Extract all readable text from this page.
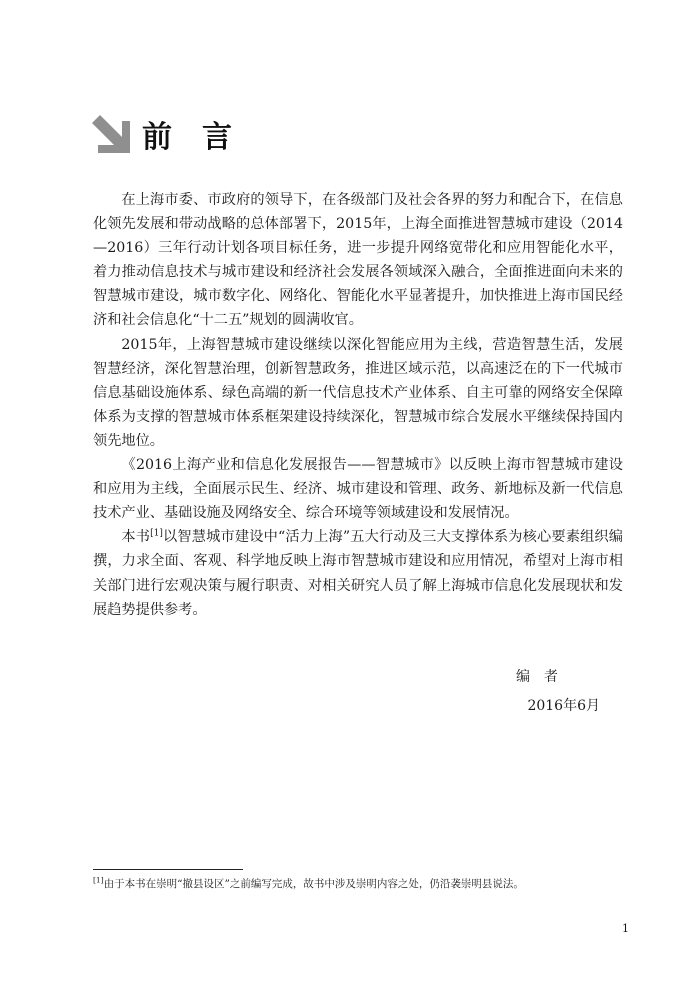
前言

在上海市委、市政府的领导下，在各级部门及社会各界的努力和配合下，在信息化领先发展和带动战略的总体部署下，2015年，上海全面推进智慧城市建设（2014—2016）三年行动计划各项目标任务，进一步提升网络宽带化和应用智能化水平，着力推动信息技术与城市建设和经济社会发展各领域深入融合，全面推进面向未来的智慧城市建设，城市数字化、网络化、智能化水平显著提升，加快推进上海市国民经济和社会信息化“十二五”规划的圆满收官。

2015年，上海智慧城市建设继续以深化智能应用为主线，营造智慧生活，发展智慧经济，深化智慧治理，创新智慧政务，推进区域示范，以高速泛在的下一代城市信息基础设施体系、绿色高端的新一代信息技术产业体系、自主可靠的网络安全保障体系为支撑的智慧城市体系框架建设持续深化，智慧城市综合发展水平继续保持国内领先地位。

《2016上海产业和信息化发展报告——智慧城市》以反映上海市智慧城市建设和应用为主线，全面展示民生、经济、城市建设和管理、政务、新地标及新一代信息技术产业、基础设施及网络安全、综合环境等领域建设和发展情况。

本书[1]以智慧城市建设中“活力上海”五大行动及三大支撑体系为核心要素组织编撰，力求全面、客观、科学地反映上海市智慧城市建设和应用情况，希望对上海市相关部门进行宏观决策与履行职责、对相关研究人员了解上海城市信息化发展现状和发展趋势提供参考。

编者
2016年6月
[1]由于本书在崇明“撤县设区”之前编写完成，故书中涉及崇明内容之处，仍沿袭崇明县说法。
1
